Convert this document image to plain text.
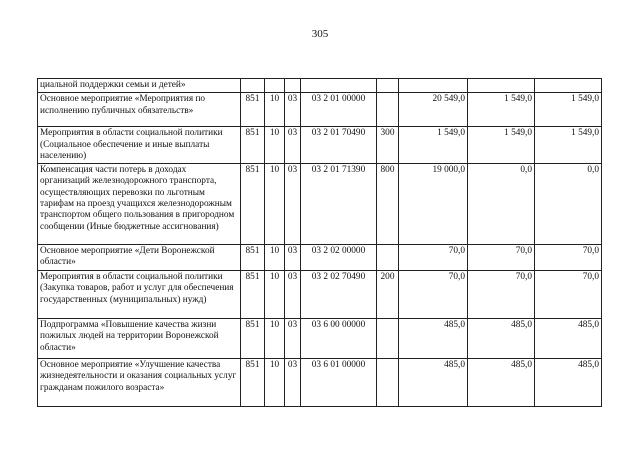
305
циальной поддержки семьи и детей»								
Основное мероприятие «Мероприятия по исполнению публичных обязательств»	851	10	03	03 2 01 00000		20 549,0	1 549,0	1 549,0
Мероприятия в области социальной политики (Социальное обеспечение и иные выплаты населению)	851	10	03	03 2 01 70490	300	1 549,0	1 549,0	1 549,0
Компенсация части потерь в доходах организаций железнодорожного транспорта, осуществляющих перевозки по льготным тарифам на проезд учащихся железнодорожным транспортом общего пользования в пригородном сообщении (Иные бюджетные ассигнования)	851	10	03	03 2 01 71390	800	19 000,0	0,0	0,0
Основное мероприятие «Дети Воронежской области»	851	10	03	03 2 02 00000		70,0	70,0	70,0
Мероприятия в области социальной политики (Закупка товаров, работ и услуг для обеспечения государственных (муниципальных) нужд)	851	10	03	03 2 02 70490	200	70,0	70,0	70,0
Подпрограмма «Повышение качества жизни пожилых людей на территории Воронежской области»	851	10	03	03 6 00 00000		485,0	485,0	485,0
Основное мероприятие «Улучшение качества жизнедеятельности и оказания социальных услуг гражданам пожилого возраста»	851	10	03	03 6 01 00000		485,0	485,0	485,0
